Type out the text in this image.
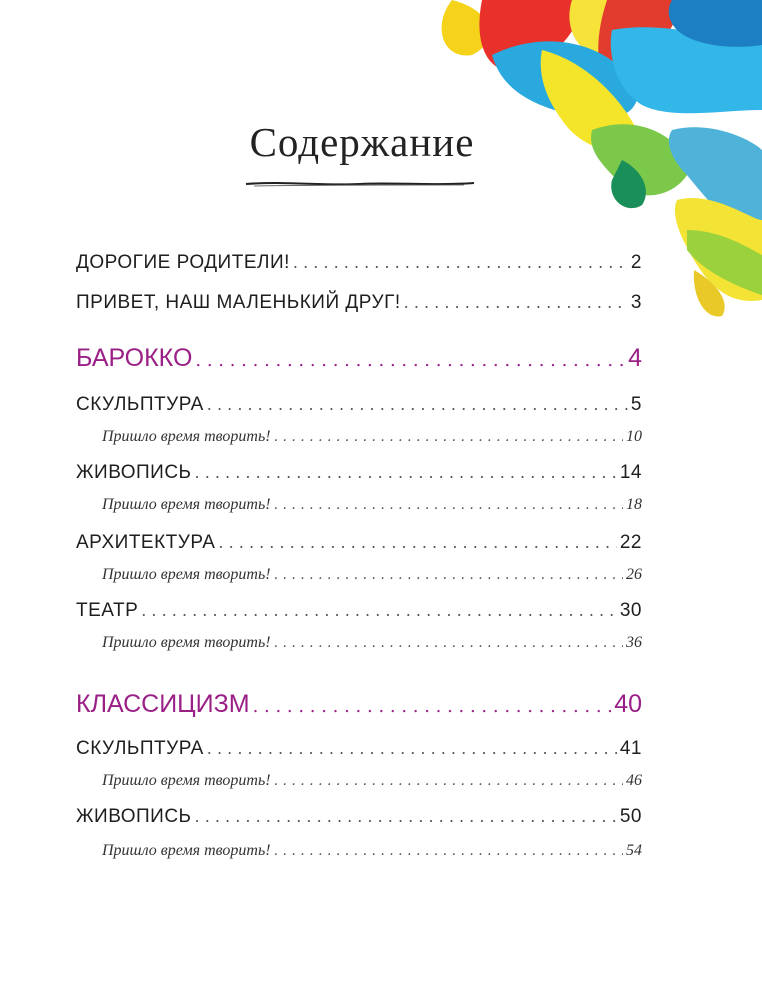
Содержание
ДОРОГИЕ РОДИТЕЛИ! . . .	2
ПРИВЕТ, НАШ МАЛЕНЬКИЙ ДРУГ! . . .	3
БАРОККО . . .	4
СКУЛЬПТУРА . . .	5
Пришло время творить! . . .	10
ЖИВОПИСЬ . . .	14
Пришло время творить! . . .	18
АРХИТЕКТУРА . . .	22
Пришло время творить! . . .	26
ТЕАТР . . .	30
Пришло время творить! . . .	36
КЛАССИЦИЗМ . . .	40
СКУЛЬПТУРА . . .	41
Пришло время творить! . . .	46
ЖИВОПИСЬ . . .	50
Пришло время творить! . . .	54
